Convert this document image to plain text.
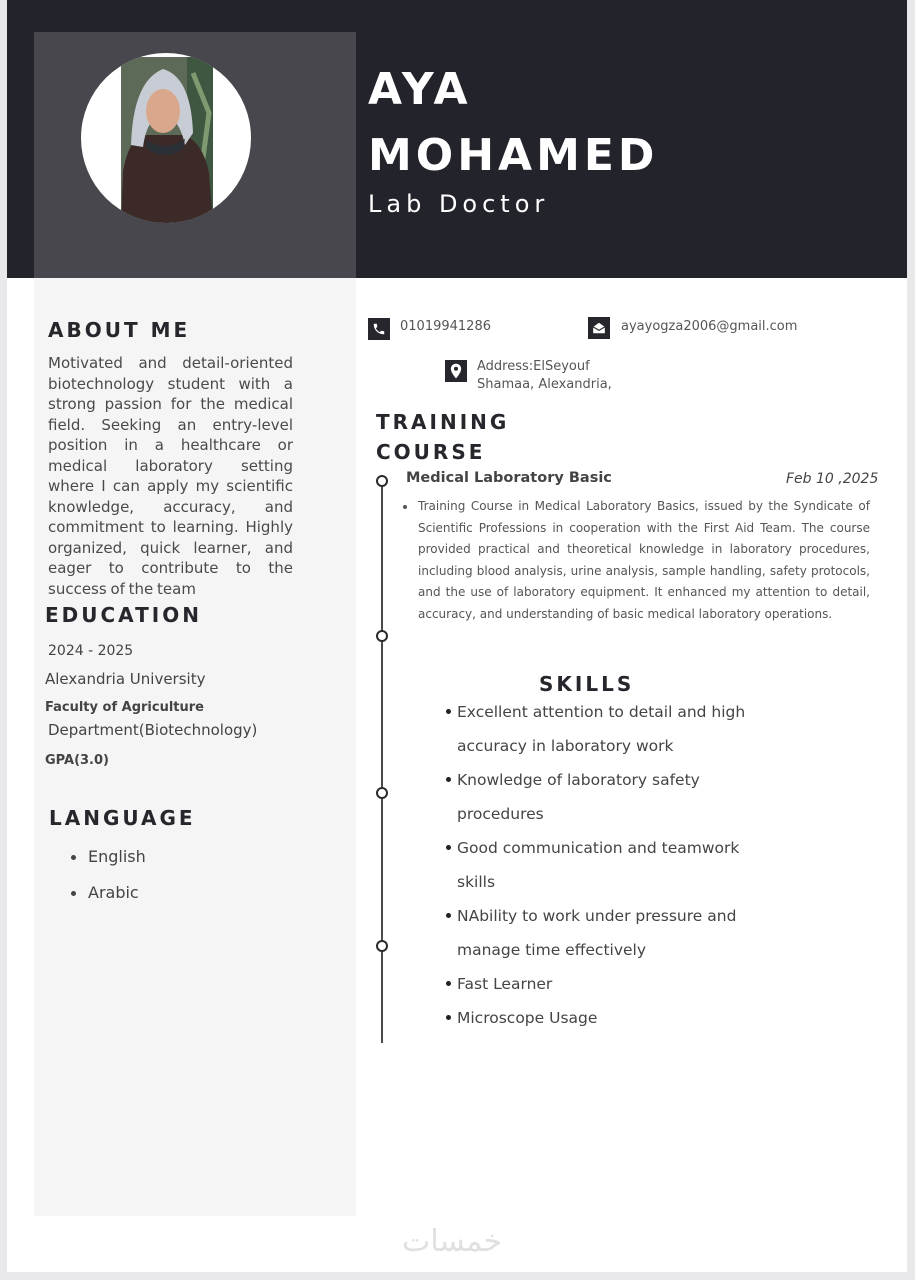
AYA
MOHAMED
Lab Doctor
ABOUT ME

Motivated and detail-oriented biotechnology student with a strong passion for the medical field. Seeking an entry-level position in a healthcare or medical laboratory setting where I can apply my scientific knowledge, accuracy, and commitment to learning. Highly organized, quick learner, and eager to contribute to the success of the team

EDUCATION

2024 - 2025

Alexandria University

Faculty of Agriculture

Department(Biotechnology)

GPA(3.0)

LANGUAGE
English
Arabic

01019941286	ayayogza2006@gmail.com

Address:ElSeyouf

Shamaa, Alexandria,

TRAINING
COURSE

Medical Laboratory Basic	Feb 10 ,2025

Training Course in Medical Laboratory Basics, issued by the Syndicate of Scientific Professions in cooperation with the First Aid Team. The course provided practical and theoretical knowledge in laboratory procedures, including blood analysis, urine analysis, sample handling, safety protocols, and the use of laboratory equipment. It enhanced my attention to detail, accuracy, and understanding of basic medical laboratory operations.

SKILLS
Excellent attention to detail and high accuracy in laboratory work
Knowledge of laboratory safety procedures
Good communication and teamwork skills
NAbility to work under pressure and manage time effectively
Fast Learner
Microscope Usage

خمسات
